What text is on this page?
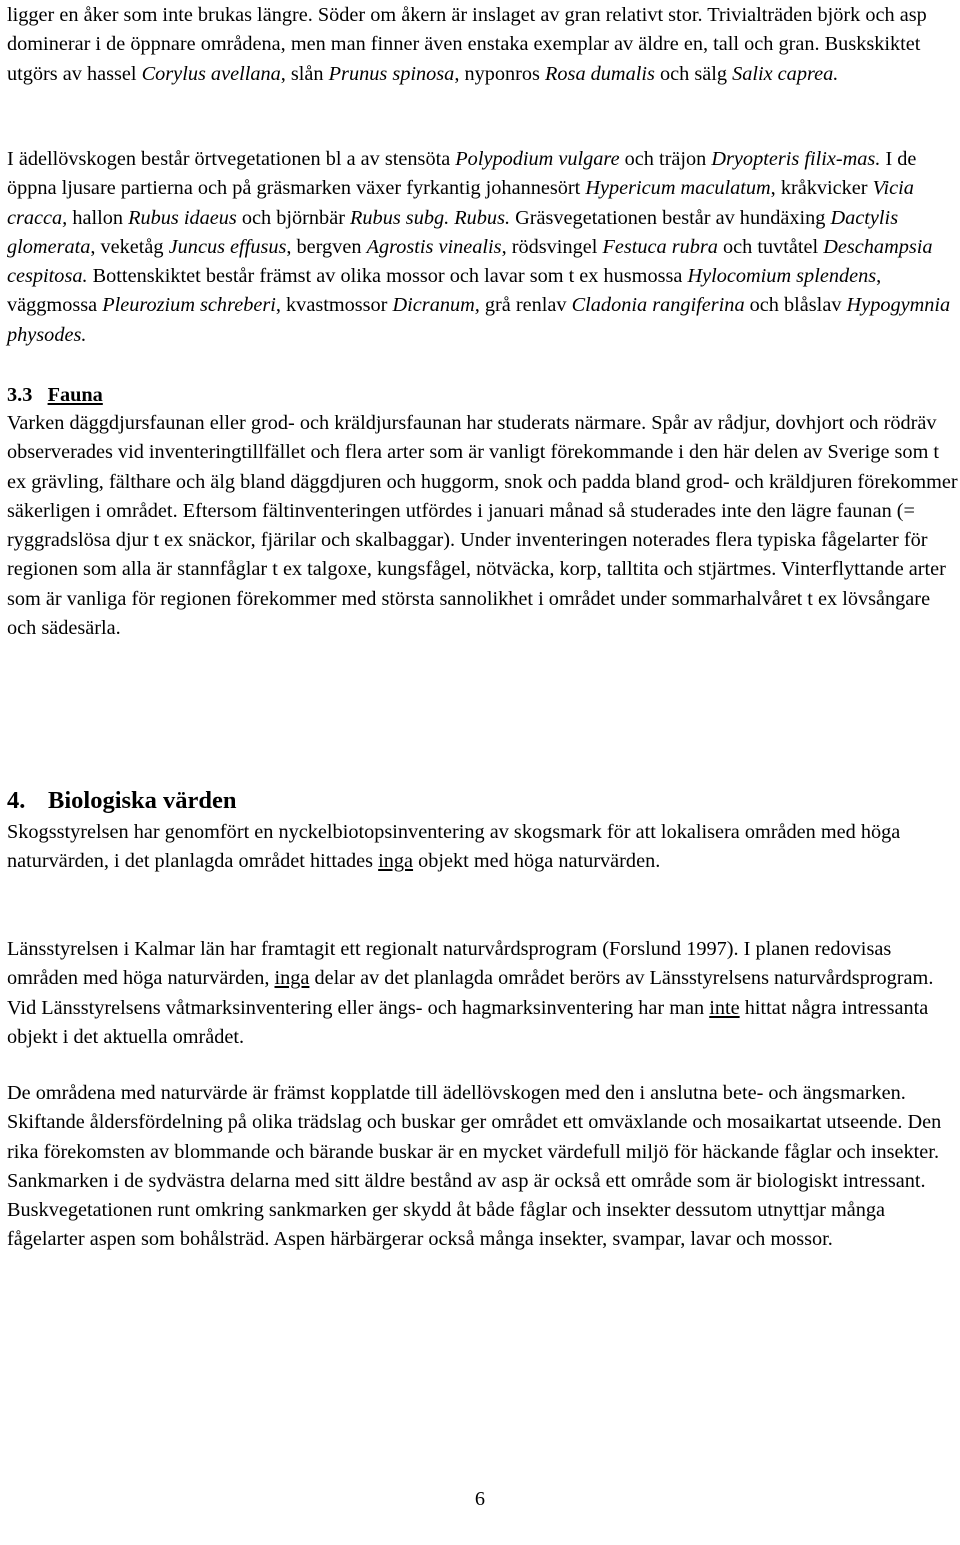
ligger en åker som inte brukas längre. Söder om åkern är inslaget av gran relativt stor. Trivialträden björk och asp dominerar i de öppnare områdena, men man finner även enstaka exemplar av äldre en, tall och gran. Buskskiktet utgörs av hassel Corylus avellana, slån Prunus spinosa, nyponros Rosa dumalis och sälg Salix caprea.

I ädellövskogen består örtvegetationen bl a av stensöta Polypodium vulgare och träjon Dryopteris filix-mas. I de öppna ljusare partierna och på gräsmarken växer fyrkantig johannesört Hypericum maculatum, kråkvicker Vicia cracca, hallon Rubus idaeus och björnbär Rubus subg. Rubus. Gräsvegetationen består av hundäxing Dactylis glomerata, veketåg Juncus effusus, bergven Agrostis vinealis, rödsvingel Festuca rubra och tuvtåtel Deschampsia cespitosa. Bottenskiktet består främst av olika mossor och lavar som t ex husmossa Hylocomium splendens, väggmossa Pleurozium schreberi, kvastmossor Dicranum, grå renlav Cladonia rangiferina och blåslav Hypogymnia physodes.

3.3 Fauna

Varken däggdjursfaunan eller grod- och kräldjursfaunan har studerats närmare. Spår av rådjur, dovhjort och rödräv observerades vid inventeringtillfället och flera arter som är vanligt förekommande i den här delen av Sverige som t ex grävling, fälthare och älg bland däggdjuren och huggorm, snok och padda bland grod- och kräldjuren förekommer säkerligen i området. Eftersom fältinventeringen utfördes i januari månad så studerades inte den lägre faunan (= ryggradslösa djur t ex snäckor, fjärilar och skalbaggar). Under inventeringen noterades flera typiska fågelarter för regionen som alla är stannfåglar t ex talgoxe, kungsfågel, nötväcka, korp, talltita och stjärtmes. Vinterflyttande arter som är vanliga för regionen förekommer med största sannolikhet i området under sommarhalvåret t ex lövsångare och sädesärla.

4. Biologiska värden

Skogsstyrelsen har genomfört en nyckelbiotopsinventering av skogsmark för att lokalisera områden med höga naturvärden, i det planlagda området hittades inga objekt med höga naturvärden.

Länsstyrelsen i Kalmar län har framtagit ett regionalt naturvårdsprogram (Forslund 1997). I planen redovisas områden med höga naturvärden, inga delar av det planlagda området berörs av Länsstyrelsens naturvårdsprogram. Vid Länsstyrelsens våtmarksinventering eller ängs- och hagmarksinventering har man inte hittat några intressanta objekt i det aktuella området.

De områdena med naturvärde är främst kopplatde till ädellövskogen med den i anslutna bete- och ängsmarken. Skiftande åldersfördelning på olika trädslag och buskar ger området ett omväxlande och mosaikartat utseende. Den rika förekomsten av blommande och bärande buskar är en mycket värdefull miljö för häckande fåglar och insekter. Sankmarken i de sydvästra delarna med sitt äldre bestånd av asp är också ett område som är biologiskt intressant. Buskvegetationen runt omkring sankmarken ger skydd åt både fåglar och insekter dessutom utnyttjar många fågelarter aspen som bohålsträd. Aspen härbärgerar också många insekter, svampar, lavar och mossor.

6
